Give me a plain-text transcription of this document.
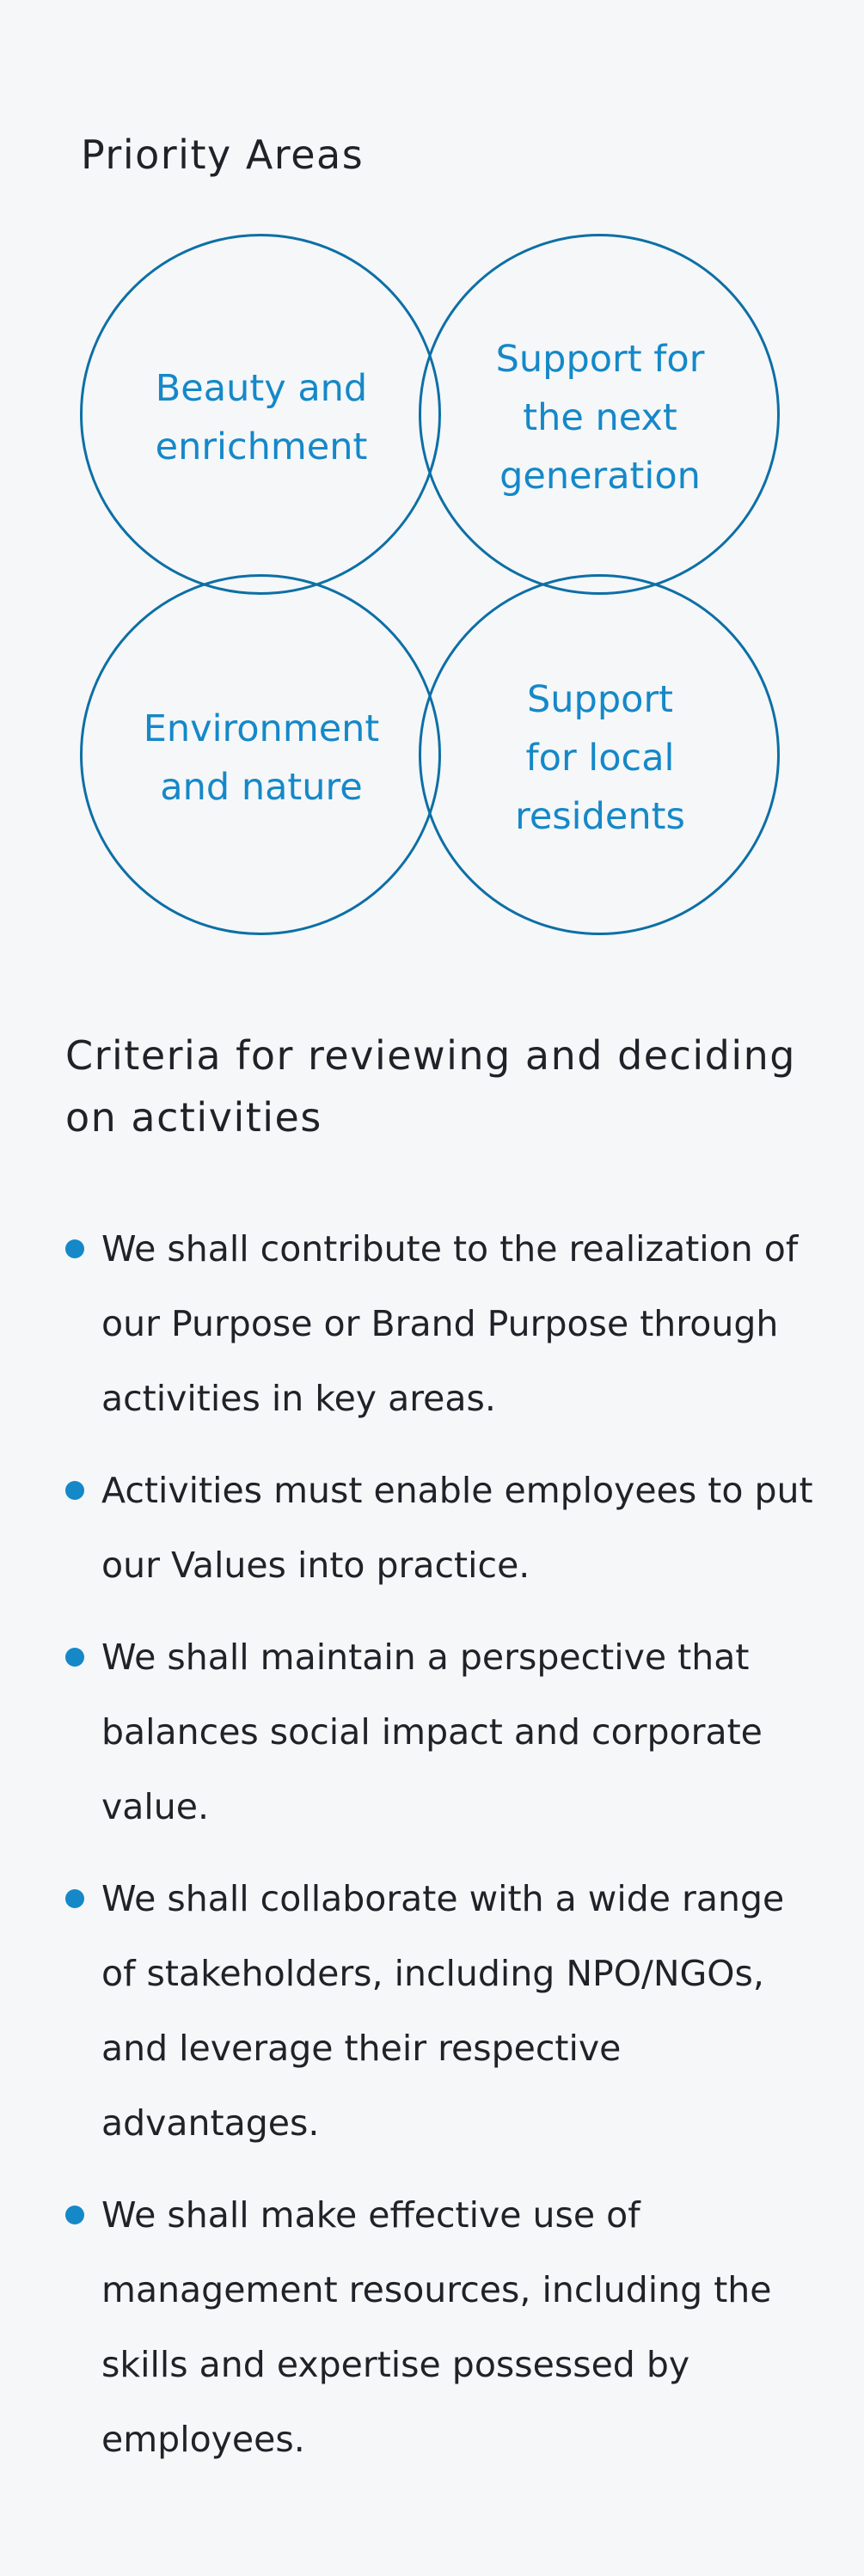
Priority Areas
Beauty and
enrichment
Support for
the next
generation
Environment
and nature
Support
for local
residents
Criteria for reviewing and deciding on activities
We shall contribute to the realization of our Purpose or Brand Purpose through activities in key areas.
Activities must enable employees to put our Values into practice.
We shall maintain a perspective that balances social impact and corporate value.
We shall collaborate with a wide range of stakeholders, including NPO/NGOs, and leverage their respective advantages.
We shall make effective use of management resources, including the skills and expertise possessed by employees.
